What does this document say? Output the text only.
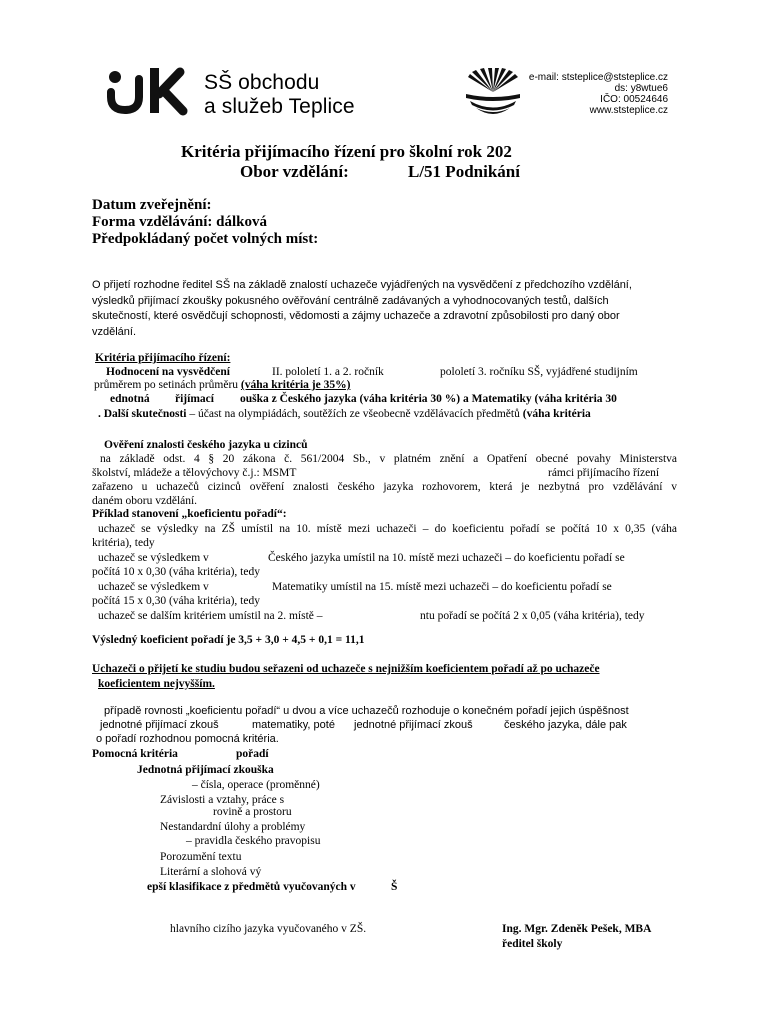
SŠ obchodu
a služeb Teplice
e-mail: ststeplice@ststeplice.cz
ds: y8wtue6
IČO: 00524646
www.ststeplice.cz
Kritéria přijímacího řízení pro školní rok 202
Obor vzdělání:	L/51 Podnikání
Datum zveřejnění:
Forma vzdělávání: dálková
Předpokládaný počet volných míst:
O přijetí rozhodne ředitel SŠ na základě znalostí uchazeče vyjádřených na vysvědčení z předchozího vzdělání,
výsledků přijímací zkoušky pokusného ověřování centrálně zadávaných a vyhodnocovaných testů, dalších
skutečností, které osvědčují schopnosti, vědomosti a zájmy uchazeče a zdravotní způsobilosti pro daný obor
vzdělání.
Kritéria přijímacího řízení:
Hodnocení na vysvědčení	II. pololetí 1. a 2. ročník	pololetí 3. ročníku SŠ, vyjádřené studijním
průměrem po setinách průměru (váha kritéria je 35%)
ednotná řijímací ouška z Českého jazyka (váha kritéria 30 %) a Matematiky (váha kritéria 30
. Další skutečnosti – účast na olympiádách, soutěžích ze všeobecně vzdělávacích předmětů (váha kritéria
Ověření znalosti českého jazyka u cizinců
na základě odst. 4 § 20 zákona č. 561/2004 Sb., v platném znění a Opatření obecné povahy Ministerstva
školství, mládeže a tělovýchovy č.j.: MSMT	rámci přijímacího řízení
zařazeno u uchazečů cizinců ověření znalosti českého jazyka rozhovorem, která je nezbytná pro vzdělávání v
daném oboru vzdělání.
Příklad stanovení „koeficientu pořadí“:
uchazeč se výsledky na ZŠ umístil na 10. místě mezi uchazeči – do koeficientu pořadí se počítá 10 x 0,35 (váha
kritéria), tedy
uchazeč se výsledkem v	Českého jazyka umístil na 10. místě mezi uchazeči – do koeficientu pořadí se
počítá 10 x 0,30 (váha kritéria), tedy
uchazeč se výsledkem v	Matematiky umístil na 15. místě mezi uchazeči – do koeficientu pořadí se
počítá 15 x 0,30 (váha kritéria), tedy
uchazeč se dalším kritériem umístil na 2. místě –	ntu pořadí se počítá 2 x 0,05 (váha kritéria), tedy
Výsledný koeficient pořadí je 3,5 + 3,0 + 4,5 + 0,1 = 11,1
Uchazeči o přijetí ke studiu budou seřazeni od uchazeče s nejnižším koeficientem pořadí až po uchazeče
koeficientem nejvyšším.
případě rovnosti „koeficientu pořadí“ u dvou a více uchazečů rozhoduje o konečném pořadí jejich úspěšnost
jednotné přijímací zkouš	matematiky, poté jednotné přijímací zkouš	českého jazyka, dále pak
o pořadí rozhodnou pomocná kritéria.
Pomocná kritéria	pořadí
Jednotná přijímací zkouška
– čísla, operace (proměnné)
Závislosti a vztahy, práce s
rovině a prostoru
Nestandardní úlohy a problémy
– pravidla českého pravopisu
Porozumění textu
Literární a slohová vý
epší klasifikace z předmětů vyučovaných v	Š
hlavního cizího jazyka vyučovaného v ZŠ.	Ing. Mgr. Zdeněk Pešek, MBA
ředitel školy
